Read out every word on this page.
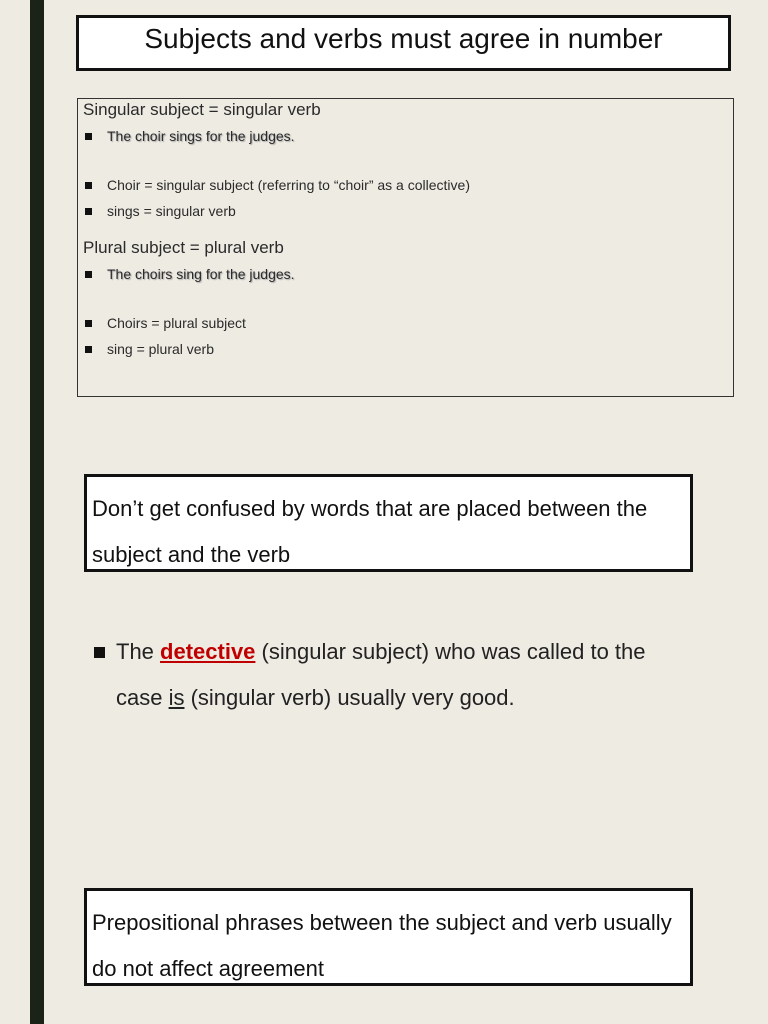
Subjects and verbs must agree in number
Singular subject = singular verb
The choir sings for the judges.
Choir = singular subject (referring to “choir” as a collective)
sings = singular verb
Plural subject = plural verb
The choirs sing for the judges.
Choirs = plural subject
sing = plural verb
Don’t get confused by words that are placed between the subject and the verb
The detective (singular subject) who was called to the case is (singular verb) usually very good.
Prepositional phrases between the subject and verb usually do not affect agreement
